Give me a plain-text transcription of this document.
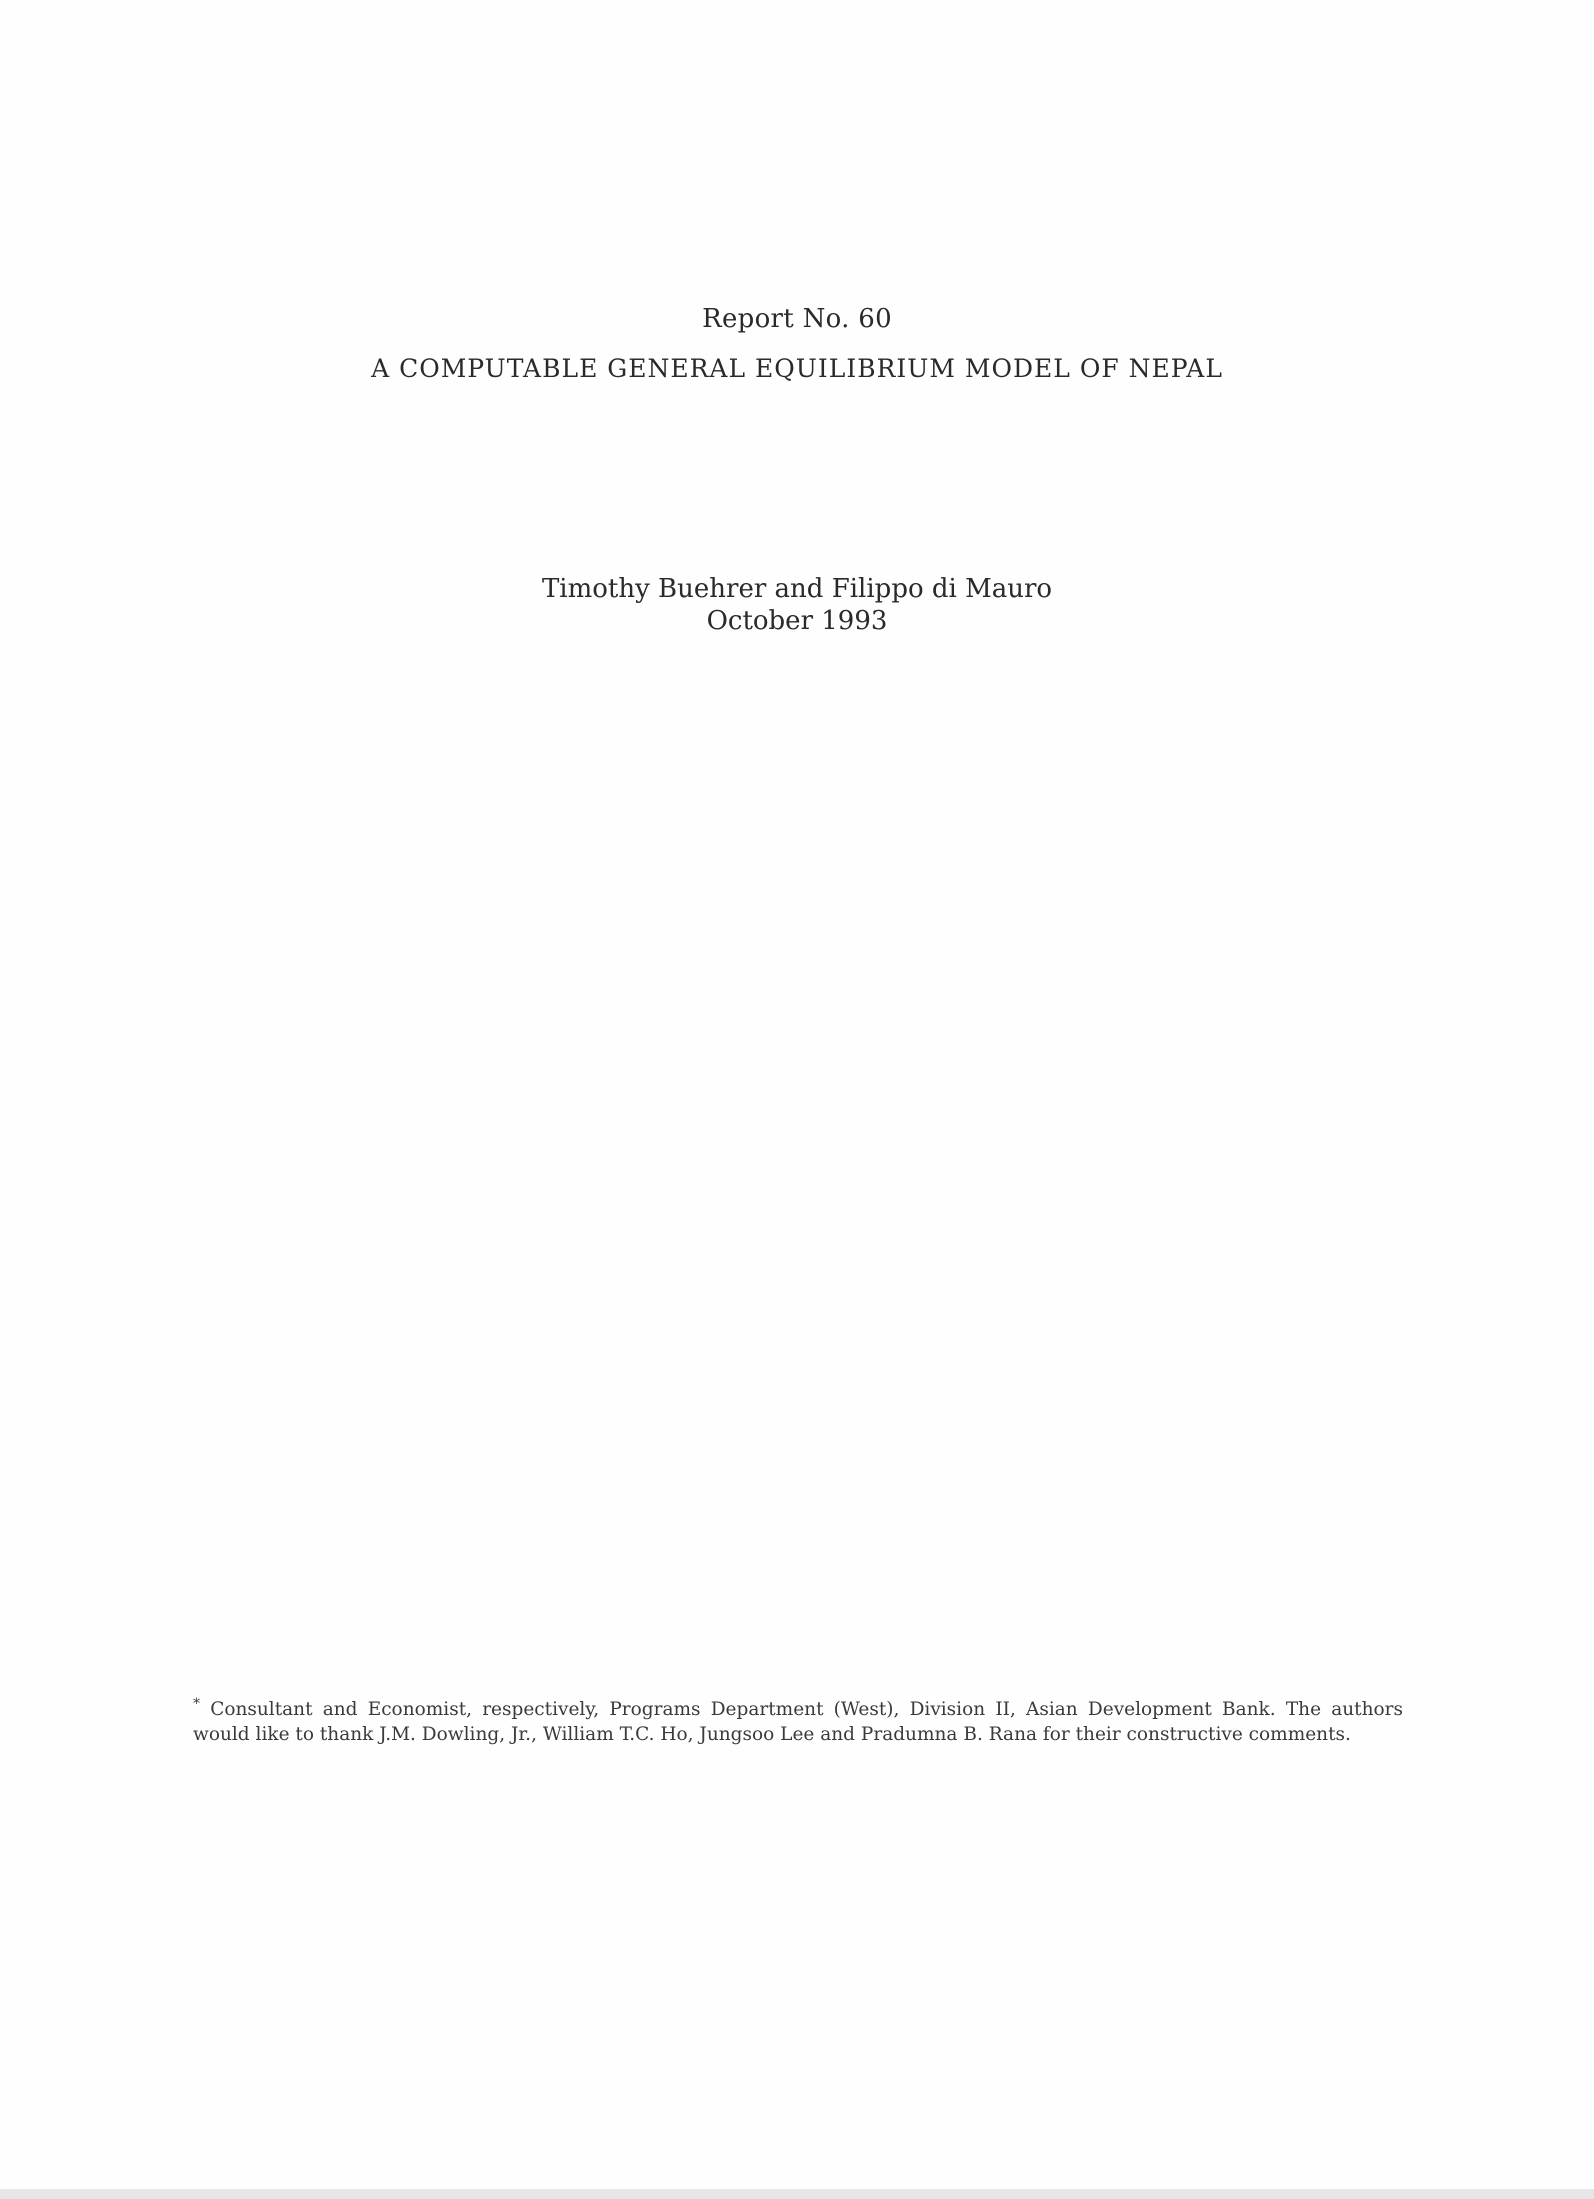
Report No. 60
A COMPUTABLE GENERAL EQUILIBRIUM MODEL OF NEPAL
Timothy Buehrer and Filippo di Mauro
October 1993
* Consultant and Economist, respectively, Programs Department (West), Division II, Asian Development Bank. The authors would like to thank J.M. Dowling, Jr., William T.C. Ho, Jungsoo Lee and Pradumna B. Rana for their constructive comments.
